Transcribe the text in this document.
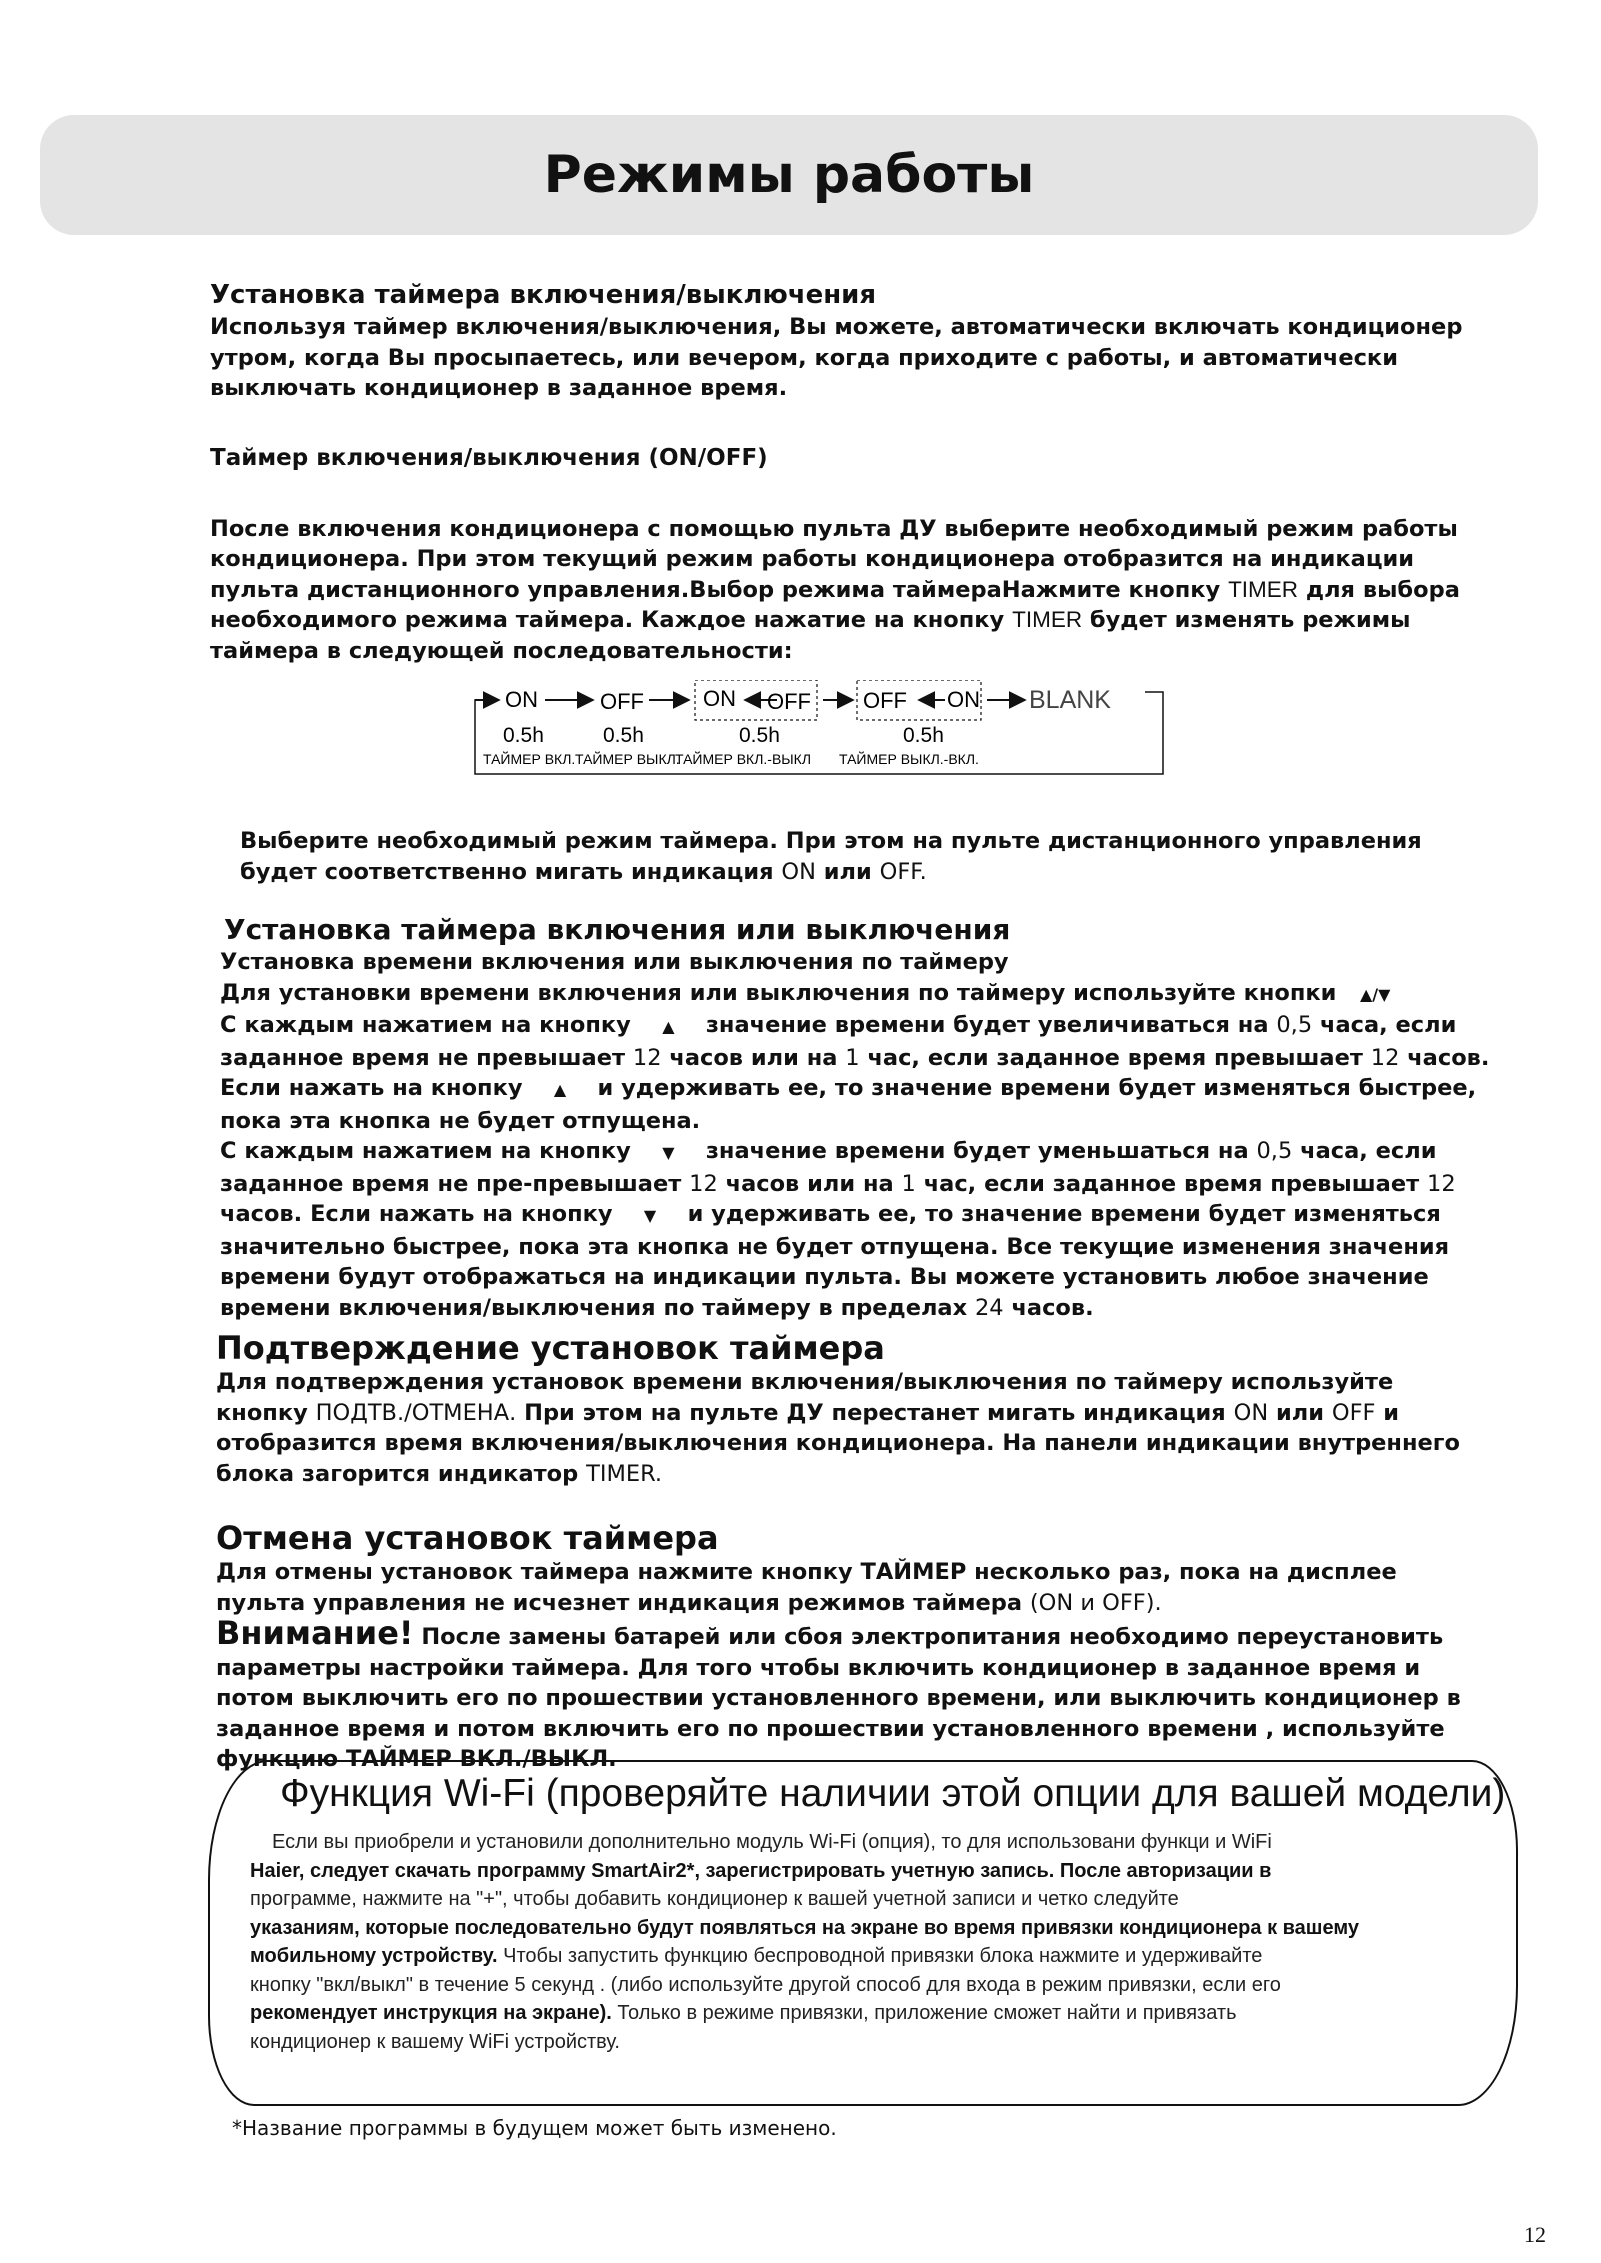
Режимы работы
Установка таймера включения/выключения

Используя таймер включения/выключения, Вы можете, автоматически включать кондиционер утром, когда Вы просыпаетесь, или вечером, когда приходите с работы, и автоматически выключать кондиционер в заданное время.

Таймер включения/выключения (ON/OFF)

После включения кондиционера с помощью пульта ДУ выберите необходимый режим работы кондиционера. При этом текущий режим работы кондиционера отобразится на индикации пульта дистанционного управления.Выбор режима таймераНажмите кнопку TIMER для выбора необходимого режима таймера. Каждое нажатие на кнопку TIMER будет изменять режимы таймера в следующей последовательности:

ON	OFF	ON OFF OFF ON BLANK
0.5h	0.5h	0.5h	0.5h
ТАЙМЕР ВКЛ. ТАЙМЕР ВЫКЛ.
ТАЙМЕР ВКЛ.-ВЫКЛ ТАЙМЕР ВЫКЛ.-ВКЛ.

Выберите необходимый режим таймера. При этом на пульте дистанционного управления будет соответственно мигать индикация ON или OFF.

Установка таймера включения или выключения

Установка времени включения или выключения по таймеру

Для установки времени включения или выключения по таймеру используйте кнопки ▲/▼

С каждым нажатием на кнопку ▲ значение времени будет увеличиваться на 0,5 часа, если заданное время не превышает 12 часов или на 1 час, если заданное время превышает 12 часов.

Если нажать на кнопку ▲ и удерживать ее, то значение времени будет изменяться быстрее, пока эта кнопка не будет отпущена.

С каждым нажатием на кнопку ▼ значение времени будет уменьшаться на 0,5 часа, если заданное время не пре-превышает 12 часов или на 1 час, если заданное время превышает 12 часов. Если нажать на кнопку ▼ и удерживать ее, то значение времени будет изменяться значительно быстрее, пока эта кнопка не будет отпущена. Все текущие изменения значения времени будут отображаться на индикации пульта. Вы можете установить любое значение времени включения/выключения по таймеру в пределах 24 часов.

Подтверждение установок таймера

Для подтверждения установок времени включения/выключения по таймеру используйте кнопку ПОДТВ./ОТМЕНА. При этом на пульте ДУ перестанет мигать индикация ON или OFF и отобразится время включения/выключения кондиционера. На панели индикации внутреннего блока загорится индикатор TIMER.

Отмена установок таймера

Для отмены установок таймера нажмите кнопку ТАЙМЕР несколько раз, пока на дисплее пульта управления не исчезнет индикация режимов таймера (ON и OFF).

Внимание! После замены батарей или сбоя электропитания необходимо переустановить параметры настройки таймера. Для того чтобы включить кондиционер в заданное время и потом выключить его по прошествии установленного времени, или выключить кондиционер в заданное время и потом включить его по прошествии установленного времени , используйте функцию ТАЙМЕР ВКЛ./ВЫКЛ.

Функция Wi-Fi (проверяйте наличии этой опции для вашей модели)
Если вы приобрели и установили дополнительно модуль Wi-Fi (опция), то для использовани функци и WiFi
Haier, следует скачать программу SmartAir2*, зарегистрировать учетную запись. После авторизации в
программе, нажмите на "+", чтобы добавить кондиционер к вашей учетной записи и четко следуйте
указаниям, которые последовательно будут появляться на экране во время привязки кондиционера к вашему
мобильному устройству. Чтобы запустить функцию беспроводной привязки блока нажмите и удерживайте
кнопку "вкл/выкл" в течение 5 секунд . (либо используйте другой способ для входа в режим привязки, если его
рекомендует инструкция на экране). Только в режиме привязки, приложение сможет найти и привязать
кондиционер к вашему WiFi устройству.
*Название программы в будущем может быть изменено.
12
